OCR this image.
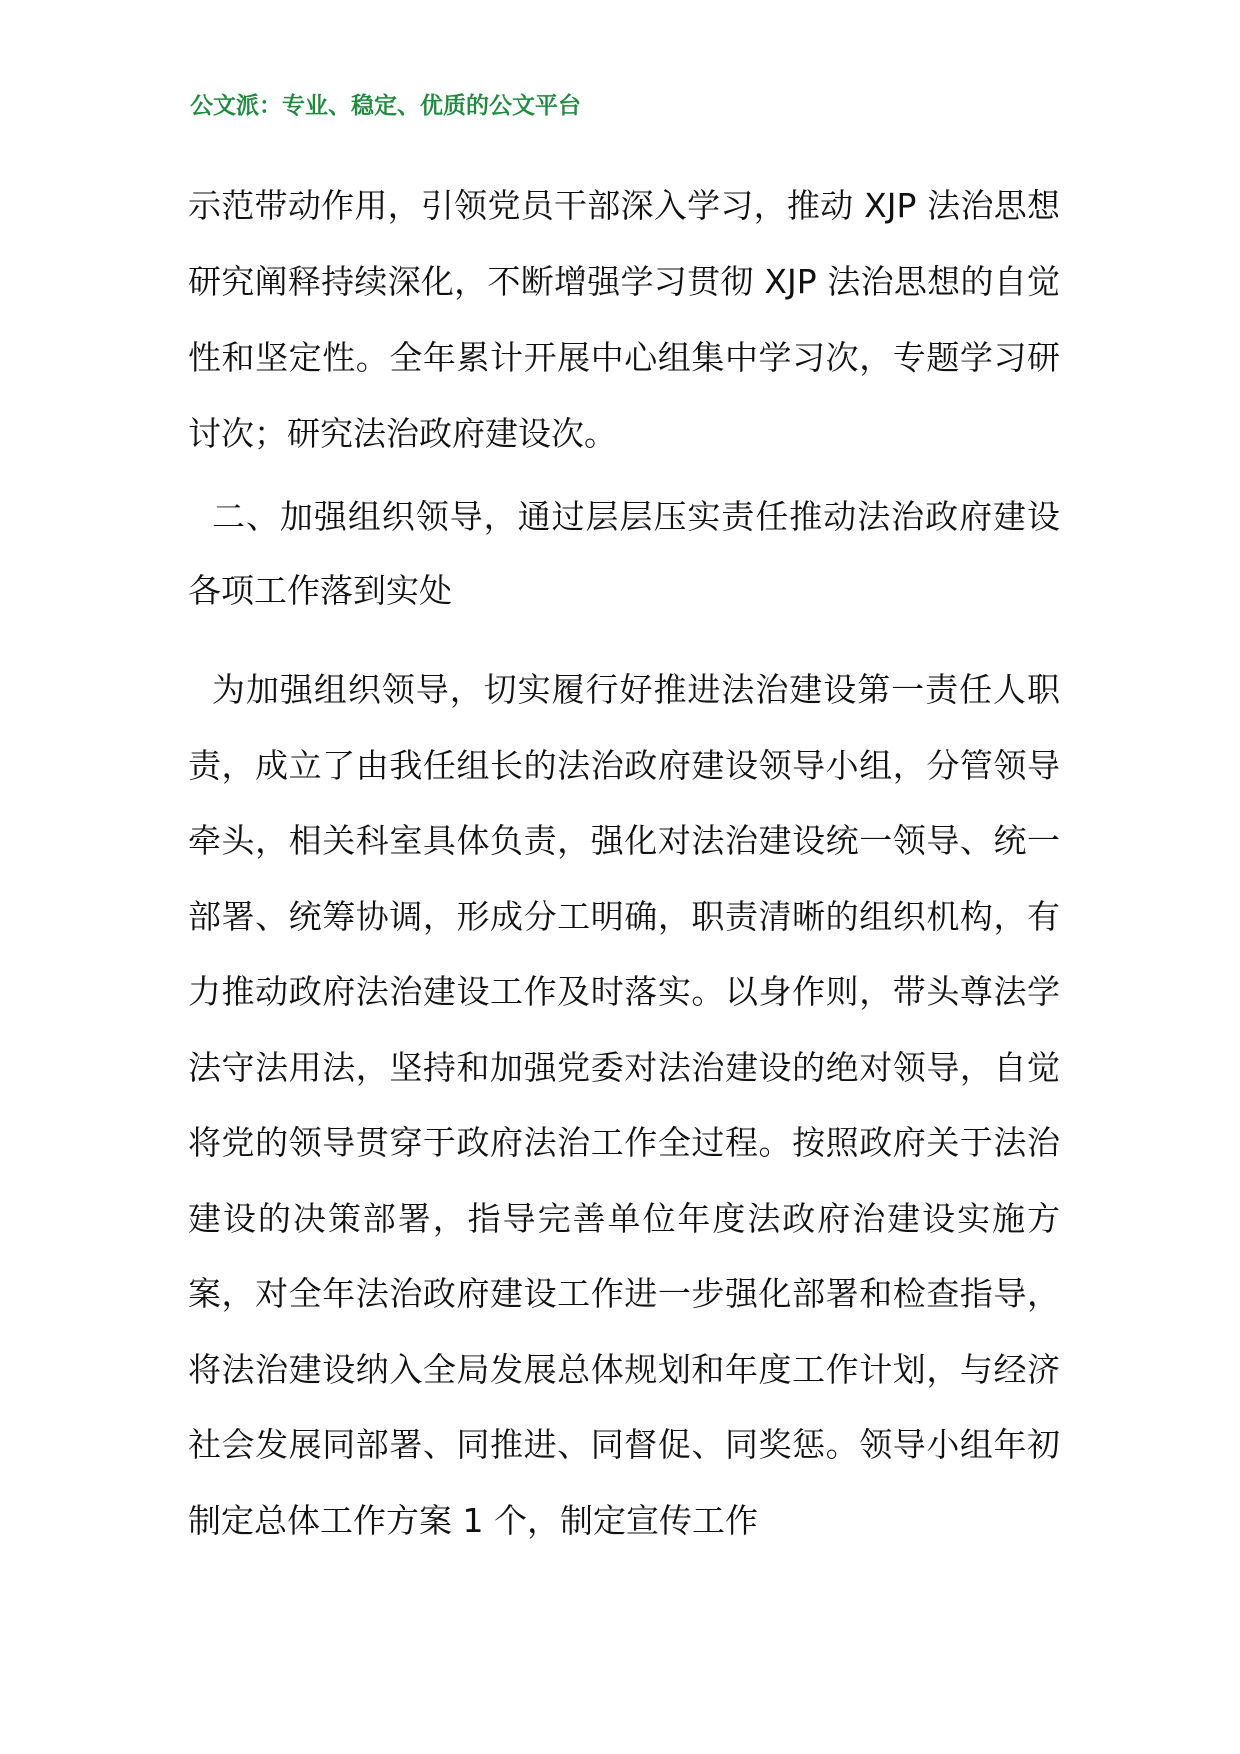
公文派：专业、稳定、优质的公文平台
示范带动作用，引领党员干部深入学习，推动 XJP 法治思想研究阐释持续深化，不断增强学习贯彻 XJP 法治思想的自觉性和坚定性。全年累计开展中心组集中学习次，专题学习研讨次；研究法治政府建设次。
二、加强组织领导，通过层层压实责任推动法治政府建设各项工作落到实处
为加强组织领导，切实履行好推进法治建设第一责任人职责，成立了由我任组长的法治政府建设领导小组，分管领导牵头，相关科室具体负责，强化对法治建设统一领导、统一部署、统筹协调，形成分工明确，职责清晰的组织机构，有力推动政府法治建设工作及时落实。以身作则，带头尊法学法守法用法，坚持和加强党委对法治建设的绝对领导，自觉将党的领导贯穿于政府法治工作全过程。按照政府关于法治建设的决策部署，指导完善单位年度法政府治建设实施方案，对全年法治政府建设工作进一步强化部署和检查指导，将法治建设纳入全局发展总体规划和年度工作计划，与经济社会发展同部署、同推进、同督促、同奖惩。领导小组年初制定总体工作方案 1 个，制定宣传工作
